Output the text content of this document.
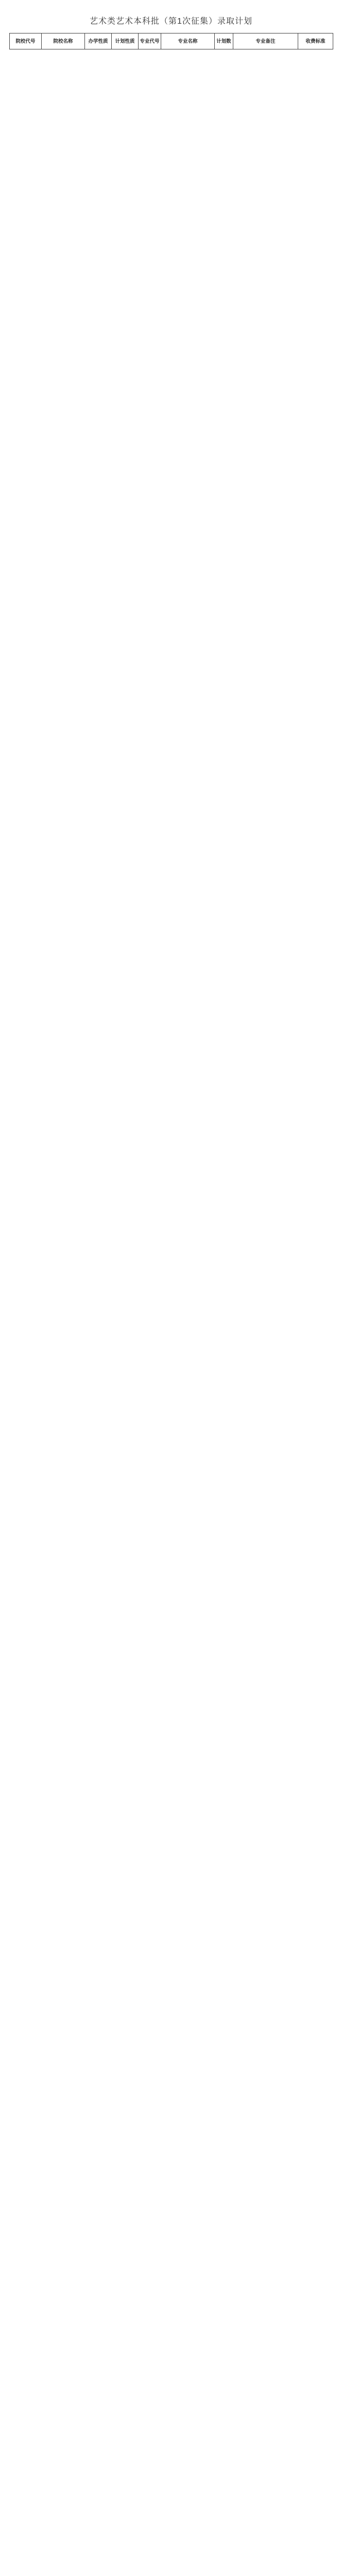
艺术类艺术本科批（第1次征集）录取计划
院校代号	院校名称	办学性质	计划性质	专业代号	专业名称	计划数	专业备注	收费标准
